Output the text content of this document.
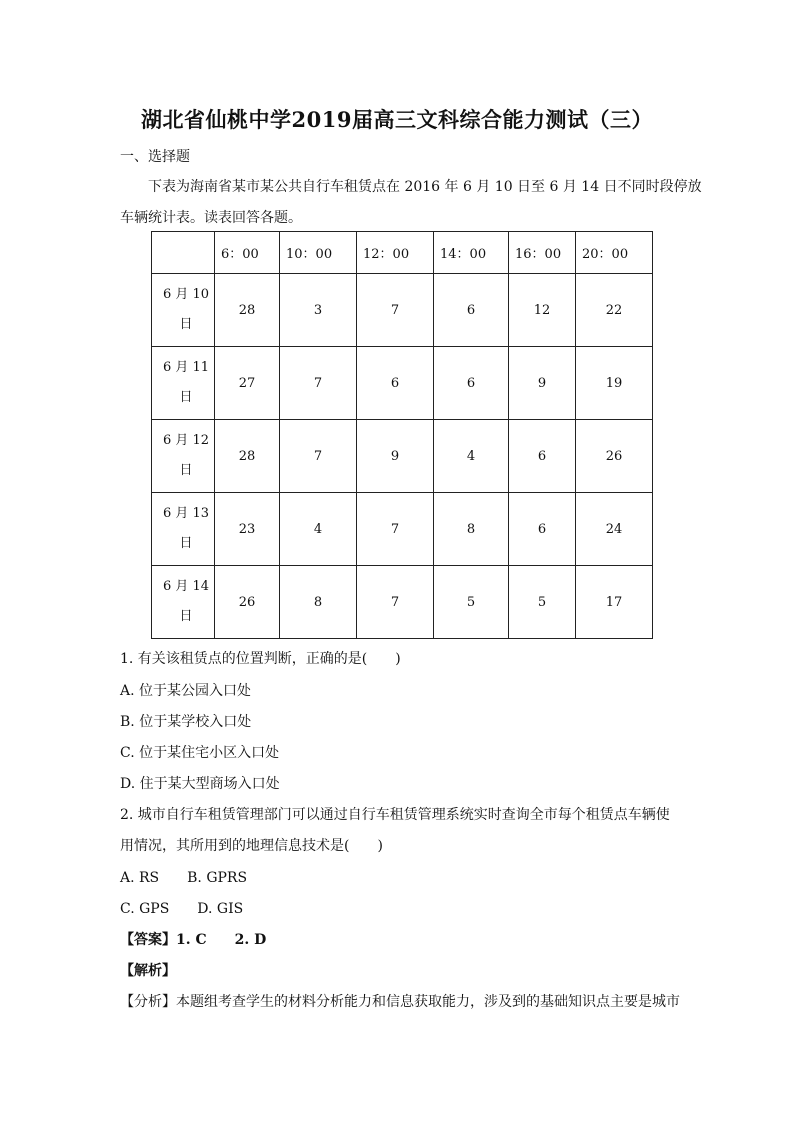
湖北省仙桃中学2019届高三文科综合能力测试（三）
一、选择题
下表为海南省某市某公共自行车租赁点在 2016 年 6 月 10 日至 6 月 14 日不同时段停放
车辆统计表。读表回答各题。
	6：00	10：00	12：00	14：00	16：00	20：00

6 月 10
日	28	3	7	6	12	22

6 月 11
日	27	7	6	6	9	19

6 月 12
日	28	7	9	4	6	26

6 月 13
日	23	4	7	8	6	24

6 月 14
日	26	8	7	5	5	17
1. 有关该租赁点的位置判断，正确的是(　　)
A. 位于某公园入口处
B. 位于某学校入口处
C. 位于某住宅小区入口处
D. 住于某大型商场入口处
2. 城市自行车租赁管理部门可以通过自行车租赁管理系统实时查询全市每个租赁点车辆使
用情况，其所用到的地理信息技术是(　　)
A. RS　　B. GPRS
C. GPS　　D. GIS
【答案】1. C　　2. D
【解析】
【分析】本题组考查学生的材料分析能力和信息获取能力，涉及到的基础知识点主要是城市
